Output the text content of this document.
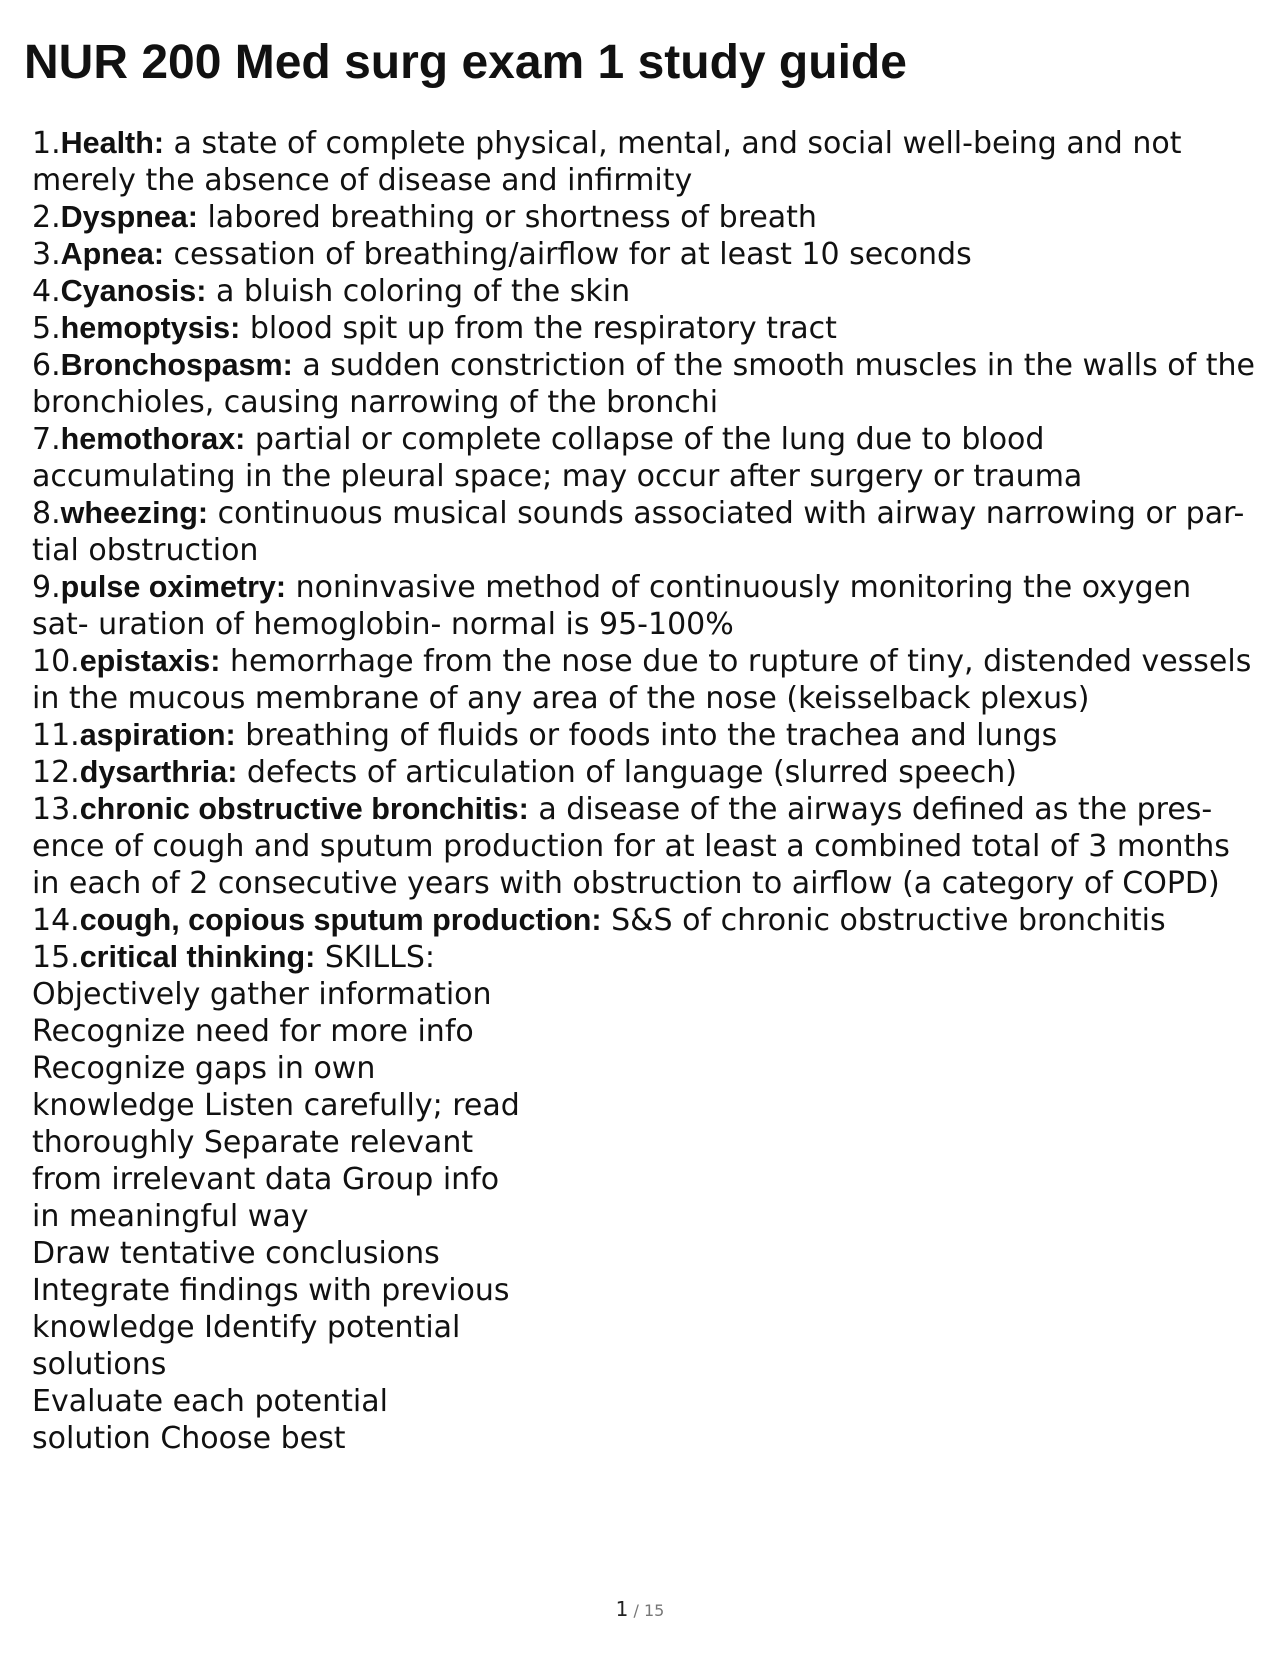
NUR 200 Med surg exam 1 study guide
1.Health: a state of complete physical, mental, and social well-being and not merely the absence of disease and infirmity
2.Dyspnea: labored breathing or shortness of breath
3.Apnea: cessation of breathing/airflow for at least 10 seconds
4.Cyanosis: a bluish coloring of the skin
5.hemoptysis: blood spit up from the respiratory tract
6.Bronchospasm: a sudden constriction of the smooth muscles in the walls of the bronchioles, causing narrowing of the bronchi
7.hemothorax: partial or complete collapse of the lung due to blood accumulating in the pleural space; may occur after surgery or trauma
8.wheezing: continuous musical sounds associated with airway narrowing or par- tial obstruction
9.pulse oximetry: noninvasive method of continuously monitoring the oxygen sat- uration of hemoglobin- normal is 95-100%
10.epistaxis: hemorrhage from the nose due to rupture of tiny, distended vessels in the mucous membrane of any area of the nose (keisselback plexus)
11.aspiration: breathing of fluids or foods into the trachea and lungs
12.dysarthria: defects of articulation of language (slurred speech)
13.chronic obstructive bronchitis: a disease of the airways defined as the pres- ence of cough and sputum production for at least a combined total of 3 months in each of 2 consecutive years with obstruction to airflow (a category of COPD)
14.cough, copious sputum production: S&S of chronic obstructive bronchitis
15.critical thinking: SKILLS:
Objectively gather information
Recognize need for more info
Recognize gaps in own
knowledge Listen carefully; read
thoroughly Separate relevant
from irrelevant data Group info
in meaningful way
Draw tentative conclusions
Integrate findings with previous
knowledge Identify potential
solutions
Evaluate each potential
solution Choose best
1 / 15
